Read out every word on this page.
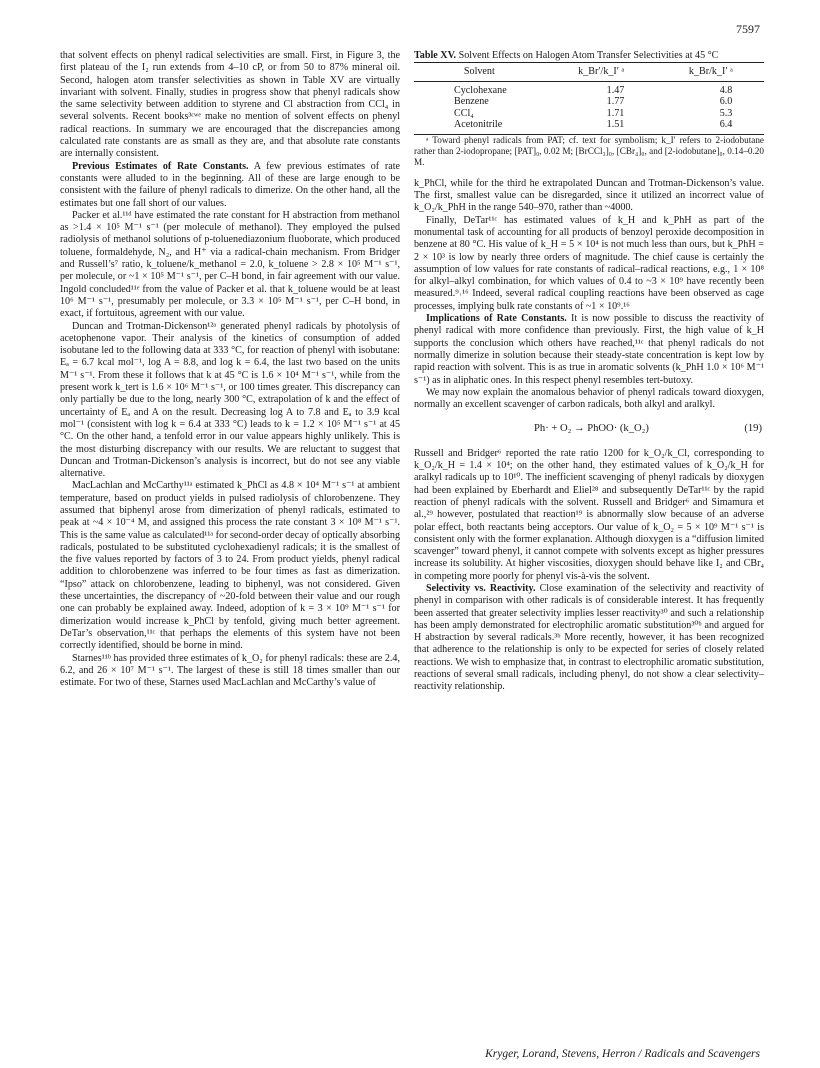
7597

that solvent effects on phenyl radical selectivities are small. First, in Figure 3, the first plateau of the I₂ run extends from 4–10 cP, or from 50 to 87% mineral oil. Second, halogen atom transfer selectivities as shown in Table XV are virtually invariant with solvent. Finally, studies in progress show that phenyl radicals show the same selectivity between addition to styrene and Cl abstraction from CCl₄ in several solvents. Recent books³ᶜʷᵉ make no mention of solvent effects on phenyl radical reactions. In summary we are encouraged that the discrepancies among calculated rate constants are as small as they are, and that absolute rate constants are internally consistent.

Previous Estimates of Rate Constants. A few previous estimates of rate constants were alluded to in the beginning. All of these are large enough to be consistent with the failure of phenyl radicals to dimerize. On the other hand, all the estimates but one fall short of our values.

Packer et al.¹¹ᵈ have estimated the rate constant for H abstraction from methanol as >1.4 × 10⁵ M⁻¹ s⁻¹ (per molecule of methanol). They employed the pulsed radiolysis of methanol solutions of p-toluenediazonium fluoborate, which produced toluene, formaldehyde, N₂, and H⁺ via a radical-chain mechanism. From Bridger and Russell’s⁷ ratio, k_toluene/k_methanol = 2.0, k_toluene > 2.8 × 10⁵ M⁻¹ s⁻¹, per molecule, or ~1 × 10⁵ M⁻¹ s⁻¹, per C–H bond, in fair agreement with our value. Ingold concluded¹¹ᵉ from the value of Packer et al. that k_toluene would be at least 10⁶ M⁻¹ s⁻¹, presumably per molecule, or 3.3 × 10⁵ M⁻¹ s⁻¹, per C–H bond, in exact, if fortuitous, agreement with our value.

Duncan and Trotman-Dickenson¹²ᵃ generated phenyl radicals by photolysis of acetophenone vapor. Their analysis of the kinetics of consumption of added isobutane led to the following data at 333 °C, for reaction of phenyl with isobutane: Eₐ = 6.7 kcal mol⁻¹, log A = 8.8, and log k = 6.4, the last two based on the units M⁻¹ s⁻¹. From these it follows that k at 45 °C is 1.6 × 10⁴ M⁻¹ s⁻¹, while from the present work k_tert is 1.6 × 10⁶ M⁻¹ s⁻¹, or 100 times greater. This discrepancy can only partially be due to the long, nearly 300 °C, extrapolation of k and the effect of uncertainty of Eₐ and A on the result. Decreasing log A to 7.8 and Eₐ to 3.9 kcal mol⁻¹ (consistent with log k = 6.4 at 333 °C) leads to k = 1.2 × 10⁵ M⁻¹ s⁻¹ at 45 °C. On the other hand, a tenfold error in our value appears highly unlikely. This is the most disturbing discrepancy with our results. We are reluctant to suggest that Duncan and Trotman-Dickenson’s analysis is incorrect, but do not see any viable alternative.

MacLachlan and McCarthy¹¹ᵃ estimated k_PhCl as 4.8 × 10⁴ M⁻¹ s⁻¹ at ambient temperature, based on product yields in pulsed radiolysis of chlorobenzene. They assumed that biphenyl arose from dimerization of phenyl radicals, estimated to peak at ~4 × 10⁻⁴ M, and assigned this process the rate constant 3 × 10⁸ M⁻¹ s⁻¹. This is the same value as calculated¹¹ᵃ for second-order decay of optically absorbing radicals, postulated to be substituted cyclohexadienyl radicals; it is the smallest of the five values reported by factors of 3 to 24. From product yields, phenyl radical addition to chlorobenzene was inferred to be four times as fast as dimerization. “Ipso” attack on chlorobenzene, leading to biphenyl, was not considered. Given these uncertainties, the discrepancy of ~20-fold between their value and our rough one can probably be explained away. Indeed, adoption of k = 3 × 10⁹ M⁻¹ s⁻¹ for dimerization would increase k_PhCl by tenfold, giving much better agreement. DeTar’s observation,¹¹ᶜ that perhaps the elements of this system have not been correctly identified, should be borne in mind.

Starnes¹¹ᵇ has provided three estimates of k_O₂ for phenyl radicals: these are 2.4, 6.2, and 26 × 10⁷ M⁻¹ s⁻¹. The largest of these is still 18 times smaller than our estimate. For two of these, Starnes used MacLachlan and McCarthy’s value of

Table XV. Solvent Effects on Halogen Atom Transfer Selectivities at 45 °C

Solvent	k_Br′/k_I′ ᵃ	k_Br/k_I′ ᵃ
Cyclohexane	1.47	4.8
Benzene	1.77	6.0
CCl₄	1.71	5.3
Acetonitrile	1.51	6.4

ᵃ Toward phenyl radicals from PAT; cf. text for symbolism; k_I′ refers to 2-iodobutane rather than 2-iodopropane; [PAT]₀, 0.02 M; [BrCCl₃]₀, [CBr₄]₀, and [2-iodobutane]₀, 0.14–0.20 M.

k_PhCl, while for the third he extrapolated Duncan and Trotman-Dickenson’s value. The first, smallest value can be disregarded, since it utilized an incorrect value of k_O₂/k_PhH in the range 540–970, rather than ~4000.

Finally, DeTar¹¹ᶜ has estimated values of k_H and k_PhH as part of the monumental task of accounting for all products of benzoyl peroxide decomposition in benzene at 80 °C. His value of k_H = 5 × 10⁴ is not much less than ours, but k_PhH = 2 × 10³ is low by nearly three orders of magnitude. The chief cause is certainly the assumption of low values for rate constants of radical–radical reactions, e.g., 1 × 10⁸ for alkyl–alkyl combination, for which values of 0.4 to ~3 × 10⁹ have recently been measured.⁹˒¹⁶ Indeed, several radical coupling reactions have been observed as cage processes, implying bulk rate constants of ~1 × 10⁹.¹⁶

Implications of Rate Constants. It is now possible to discuss the reactivity of phenyl radical with more confidence than previously. First, the high value of k_H supports the conclusion which others have reached,¹¹ᶜ that phenyl radicals do not normally dimerize in solution because their steady-state concentration is kept low by rapid reaction with solvent. This is as true in aromatic solvents (k_PhH 1.0 × 10⁶ M⁻¹ s⁻¹) as in aliphatic ones. In this respect phenyl resembles tert-butoxy.

We may now explain the anomalous behavior of phenyl radicals toward dioxygen, normally an excellent scavenger of carbon radicals, both alkyl and aralkyl.

Ph· + O₂ → PhOO· (k_O₂)	(19)

Russell and Bridger⁶ reported the rate ratio 1200 for k_O₂/k_Cl, corresponding to k_O₂/k_H = 1.4 × 10⁴; on the other hand, they estimated values of k_O₂/k_H for aralkyl radicals up to 10¹⁰. The inefficient scavenging of phenyl radicals by dioxygen had been explained by Eberhardt and Eliel²⁸ and subsequently DeTar¹¹ᶜ by the rapid reaction of phenyl radicals with the solvent. Russell and Bridger⁶ and Simamura et al.,²⁹ however, postulated that reaction¹⁹ is abnormally slow because of an adverse polar effect, both reactants being acceptors. Our value of k_O₂ = 5 × 10⁹ M⁻¹ s⁻¹ is consistent only with the former explanation. Although dioxygen is a “diffusion limited scavenger” toward phenyl, it cannot compete with solvents except as higher pressures increase its solubility. At higher viscosities, dioxygen should behave like I₂ and CBr₄ in competing more poorly for phenyl vis-à-vis the solvent.

Selectivity vs. Reactivity. Close examination of the selectivity and reactivity of phenyl in comparison with other radicals is of considerable interest. It has frequently been asserted that greater selectivity implies lesser reactivity³⁰ and such a relationship has been amply demonstrated for electrophilic aromatic substitution³⁰ᵇ and argued for H abstraction by several radicals.³ᵇ More recently, however, it has been recognized that adherence to the relationship is only to be expected for series of closely related reactions. We wish to emphasize that, in contrast to electrophilic aromatic substitution, reactions of several small radicals, including phenyl, do not show a clear selectivity–reactivity relationship.

Kryger, Lorand, Stevens, Herron / Radicals and Scavengers
